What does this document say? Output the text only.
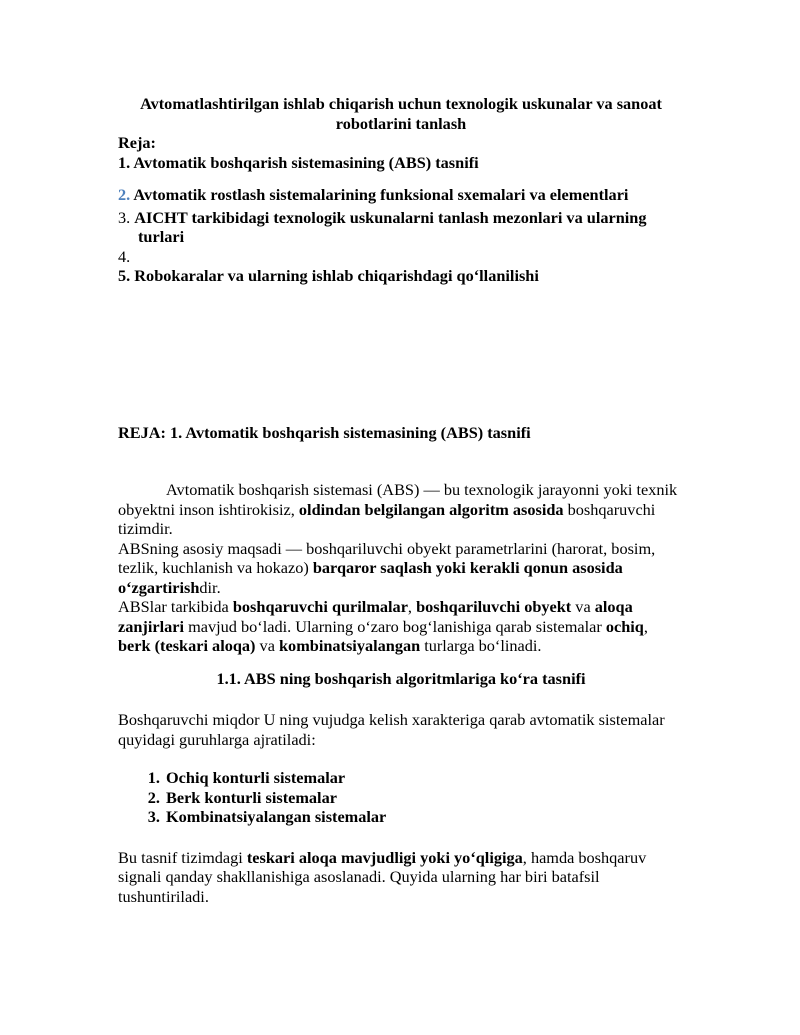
Avtomatlashtirilgan ishlab chiqarish uchun texnologik uskunalar va sanoat robotlarini tanlash

Reja:

1. Avtomatik boshqarish sistemasining (ABS) tasnifi

2. Avtomatik rostlash sistemalarining funksional sxemalari va elementlari

3. AICHT tarkibidagi texnologik uskunalarni tanlash mezonlari va ularning turlari

4.

5. Robokaralar va ularning ishlab chiqarishdagi qo‘llanilishi

REJA: 1. Avtomatik boshqarish sistemasining (ABS) tasnifi

Avtomatik boshqarish sistemasi (ABS) — bu texnologik jarayonni yoki texnik obyektni inson ishtirokisiz, oldindan belgilangan algoritm asosida boshqaruvchi tizimdir.

ABSning asosiy maqsadi — boshqariluvchi obyekt parametrlarini (harorat, bosim, tezlik, kuchlanish va hokazo) barqaror saqlash yoki kerakli qonun asosida o‘zgartirishdir.

ABSlar tarkibida boshqaruvchi qurilmalar, boshqariluvchi obyekt va aloqa zanjirlari mavjud bo‘ladi. Ularning o‘zaro bog‘lanishiga qarab sistemalar ochiq, berk (teskari aloqa) va kombinatsiyalangan turlarga bo‘linadi.

1.1. ABS ning boshqarish algoritmlariga ko‘ra tasnifi

Boshqaruvchi miqdor U ning vujudga kelish xarakteriga qarab avtomatik sistemalar quyidagi guruhlarga ajratiladi:

1. Ochiq konturli sistemalar
2. Berk konturli sistemalar
3. Kombinatsiyalangan sistemalar

Bu tasnif tizimdagi teskari aloqa mavjudligi yoki yo‘qligiga, hamda boshqaruv signali qanday shakllanishiga asoslanadi. Quyida ularning har biri batafsil tushuntiriladi.
